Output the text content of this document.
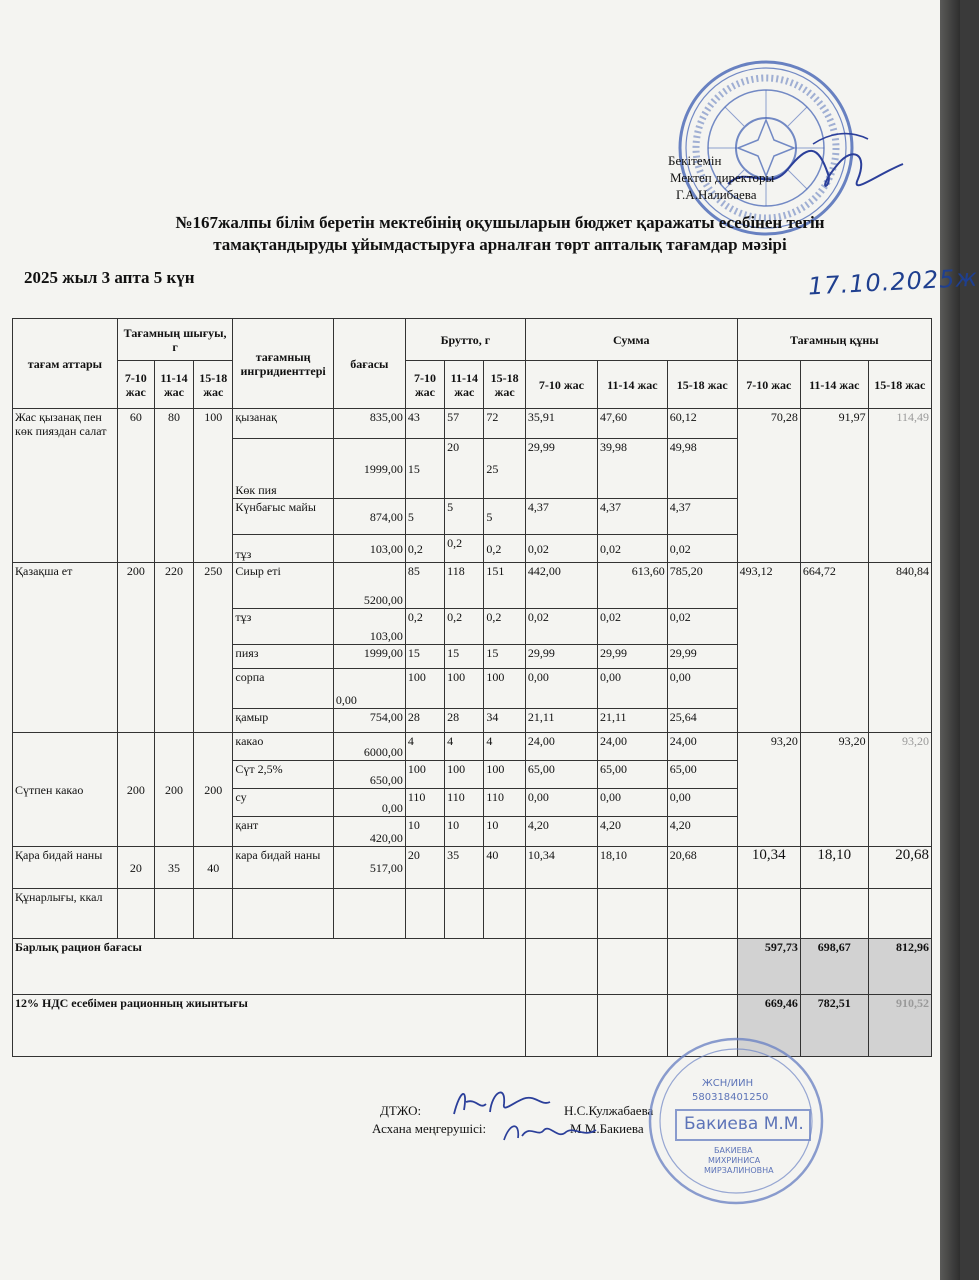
Бекітемін
Мектеп директоры
Г.А.Налибаева
№167жалпы білім беретін мектебінің оқушыларын бюджет қаражаты есебінен тегін
тамақтандыруды ұйымдастыруға арналған төрт апталық тағамдар мәзірі
2025 жыл 3 апта 5 күн	17.10.2025ж
тағам аттары	Тағамның шығуы, г			тағамның ингридиенттері	бағасы	Брутто, г			Сумма			Тағамның құны		
	7-10 жас	11-14 жас	15-18 жас			7-10 жас	11-14 жас	15-18 жас	7-10 жас	11-14 жас	15-18 жас	7-10 жас	11-14 жас	15-18 жас
Жас қызанақ пен көк пияздан салат	60	80	100	қызанақ	835,00	43	57	72	35,91	47,60	60,12	70,28	91,97	114,49
				Көк пия	1999,00	15	20	25	29,99	39,98	49,98			
				Күнбағыс майы	874,00	5	5	5	4,37	4,37	4,37			
				тұз	103,00	0,2	0,2	0,2	0,02	0,02	0,02			
Қазақша ет	200	220	250	Сиыр еті	5200,00	85	118	151	442,00	613,60	785,20	493,12	664,72	840,84
				тұз	103,00	0,2	0,2	0,2	0,02	0,02	0,02			
				пияз	1999,00	15	15	15	29,99	29,99	29,99			
				сорпа	0,00	100	100	100	0,00	0,00	0,00			
				қамыр	754,00	28	28	34	21,11	21,11	25,64			
Сүтпен какао	200	200	200	какао	6000,00	4	4	4	24,00	24,00	24,00	93,20	93,20	93,20
				Сүт 2,5%	650,00	100	100	100	65,00	65,00	65,00			
				су	0,00	110	110	110	0,00	0,00	0,00			
				қант	420,00	10	10	10	4,20	4,20	4,20			
Қара бидай наны	20	35	40	кара бидай наны	517,00	20	35	40	10,34	18,10	20,68	10,34	18,10	20,68
Құнарлығы, ккал														
Барлық рацион бағасы												597,73	698,67	812,96
12% НДС есебімен рационның жиынтығы												669,46	782,51	910,52
ДТЖО:	Н.С.Кулжабаева
Асхана меңгерушісі:	М.М.Бакиева
ЖСН/ИИН
580318401250
Бакиева М.М.
БАКИЕВА
МИХРИНИСА
МИРЗАЛИНОВНА
